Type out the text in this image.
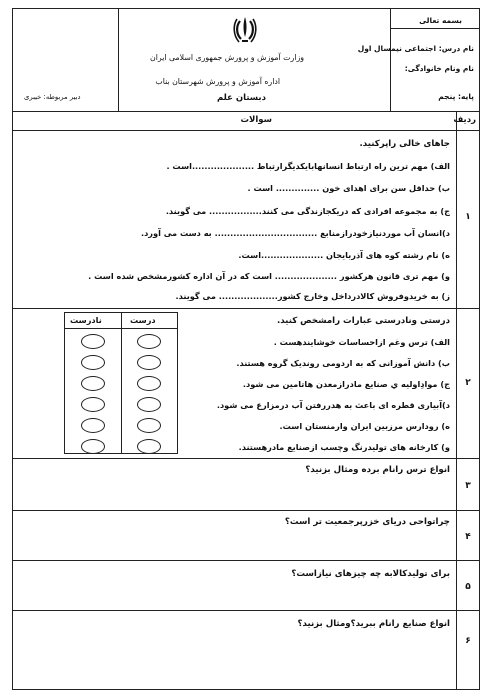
بسمه تعالی
نام درس: اجتماعی نیمسال اول
نام ونام خانوادگی:
پایه: پنجم
وزارت آموزش و پرورش جمهوری اسلامی ایران
اداره آموزش و پرورش شهرستان بناب
دبستان علم
دبیر مربوطه: خیبری
ردیف
سوالات
۱
جاهای خالی راپرکنید.
الف) مهم ترین راه ارتباط انسانهابایکدیگرارتباط ....................است .
ب) حداقل سن برای اهدای خون .............. است .
ج) به مجموعه افرادی که دریکجازندگی می کنند................. می گویند.
د)انسان آب موردنیازخودرازمنابع ................................. به دست می آورد.
ه) نام رشته کوه های آذربایجان ....................است.
و) مهم تری قانون هرکشور .................... است که در آن اداره کشورمشخص شده است .
ز) به خریدوفروش کالادرداخل وخارج کشور................... می گویند.
۲
درستی ونادرستی عبارات رامشخص کنید.
الف) ترس وغم ازاحساسات خوشایندهست .
ب) دانش آموزانی که به اردومی روندیک گروه هستند.
ج) موادِاولیه یِ صنایع مادرازمعدن هاتامین می شود.
د)آبیاری قطره ای باعث به هدررفتن آب درمزارع می شود.
ه) رودارس مرزبین ایران وارمنستان است.
و) کارخانه های تولیدرنگ وچسب ازصنایع مادرهستند.
درست
نادرست
۳
انواع ترس رانام برده ومثال بزنید؟
۴
چراتواحی دریای خزرپرجمعیت تر است؟
۵
برای تولیدکالابه چه چیزهای نیازاست؟
۶
انواع صنایع رانام ببرید؟ومثال بزنید؟
